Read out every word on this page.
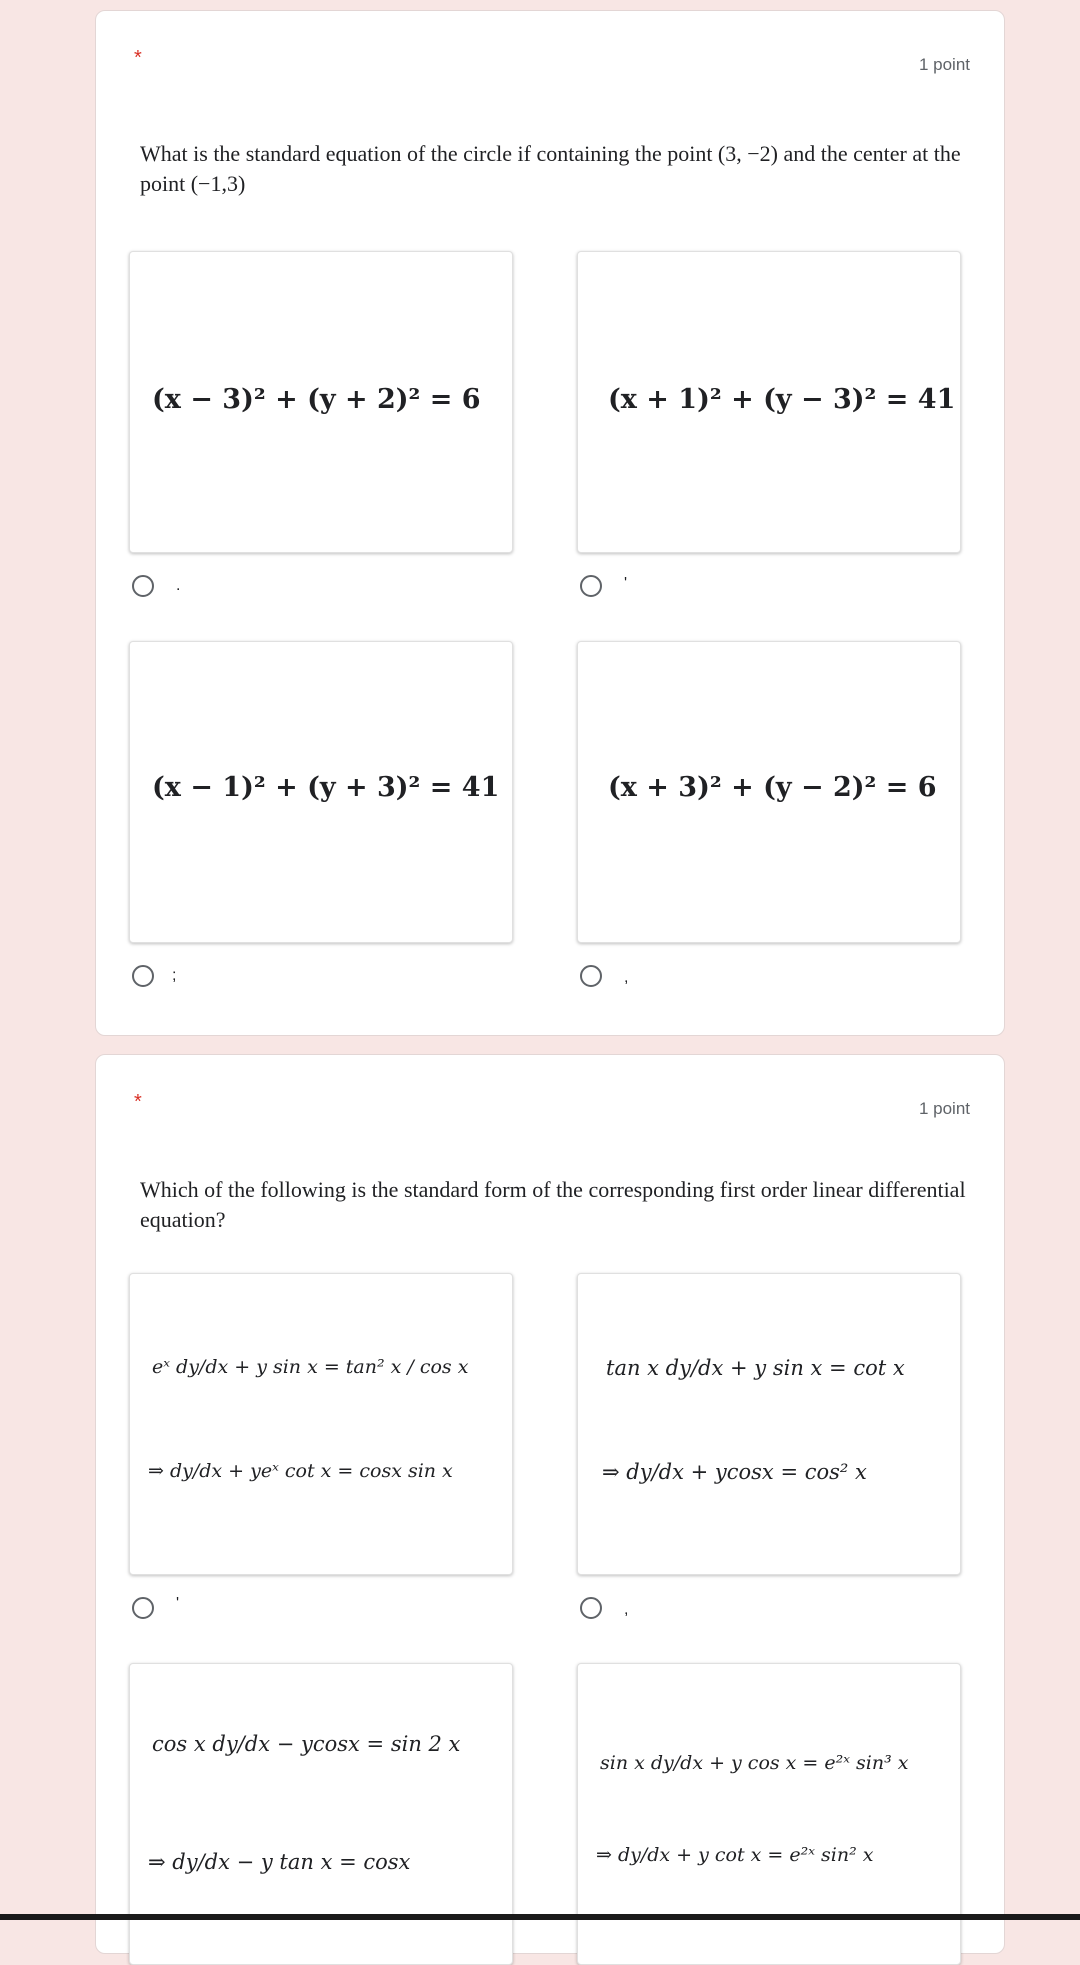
*	1 point
What is the standard equation of the circle if containing the point (3, −2) and the center at the point (−1,3)
(x − 3)² + (y + 2)² = 6
.
(x + 1)² + (y − 3)² = 41
'
(x − 1)² + (y + 3)² = 41
;
(x + 3)² + (y − 2)² = 6
,
*	1 point
Which of the following is the standard form of the corresponding first order linear differential equation?
eˣ dy/dx + y sin x = tan² x / cos x
⇒ dy/dx + yeˣ cot x = cosx sin x
'
tan x dy/dx + y sin x = cot x
⇒ dy/dx + ycosx = cos² x
,
cos x dy/dx − ycosx = sin 2 x
⇒ dy/dx − y tan x = cosx
sin x dy/dx + y cos x = e²ˣ sin³ x
⇒ dy/dx + y cot x = e²ˣ sin² x
